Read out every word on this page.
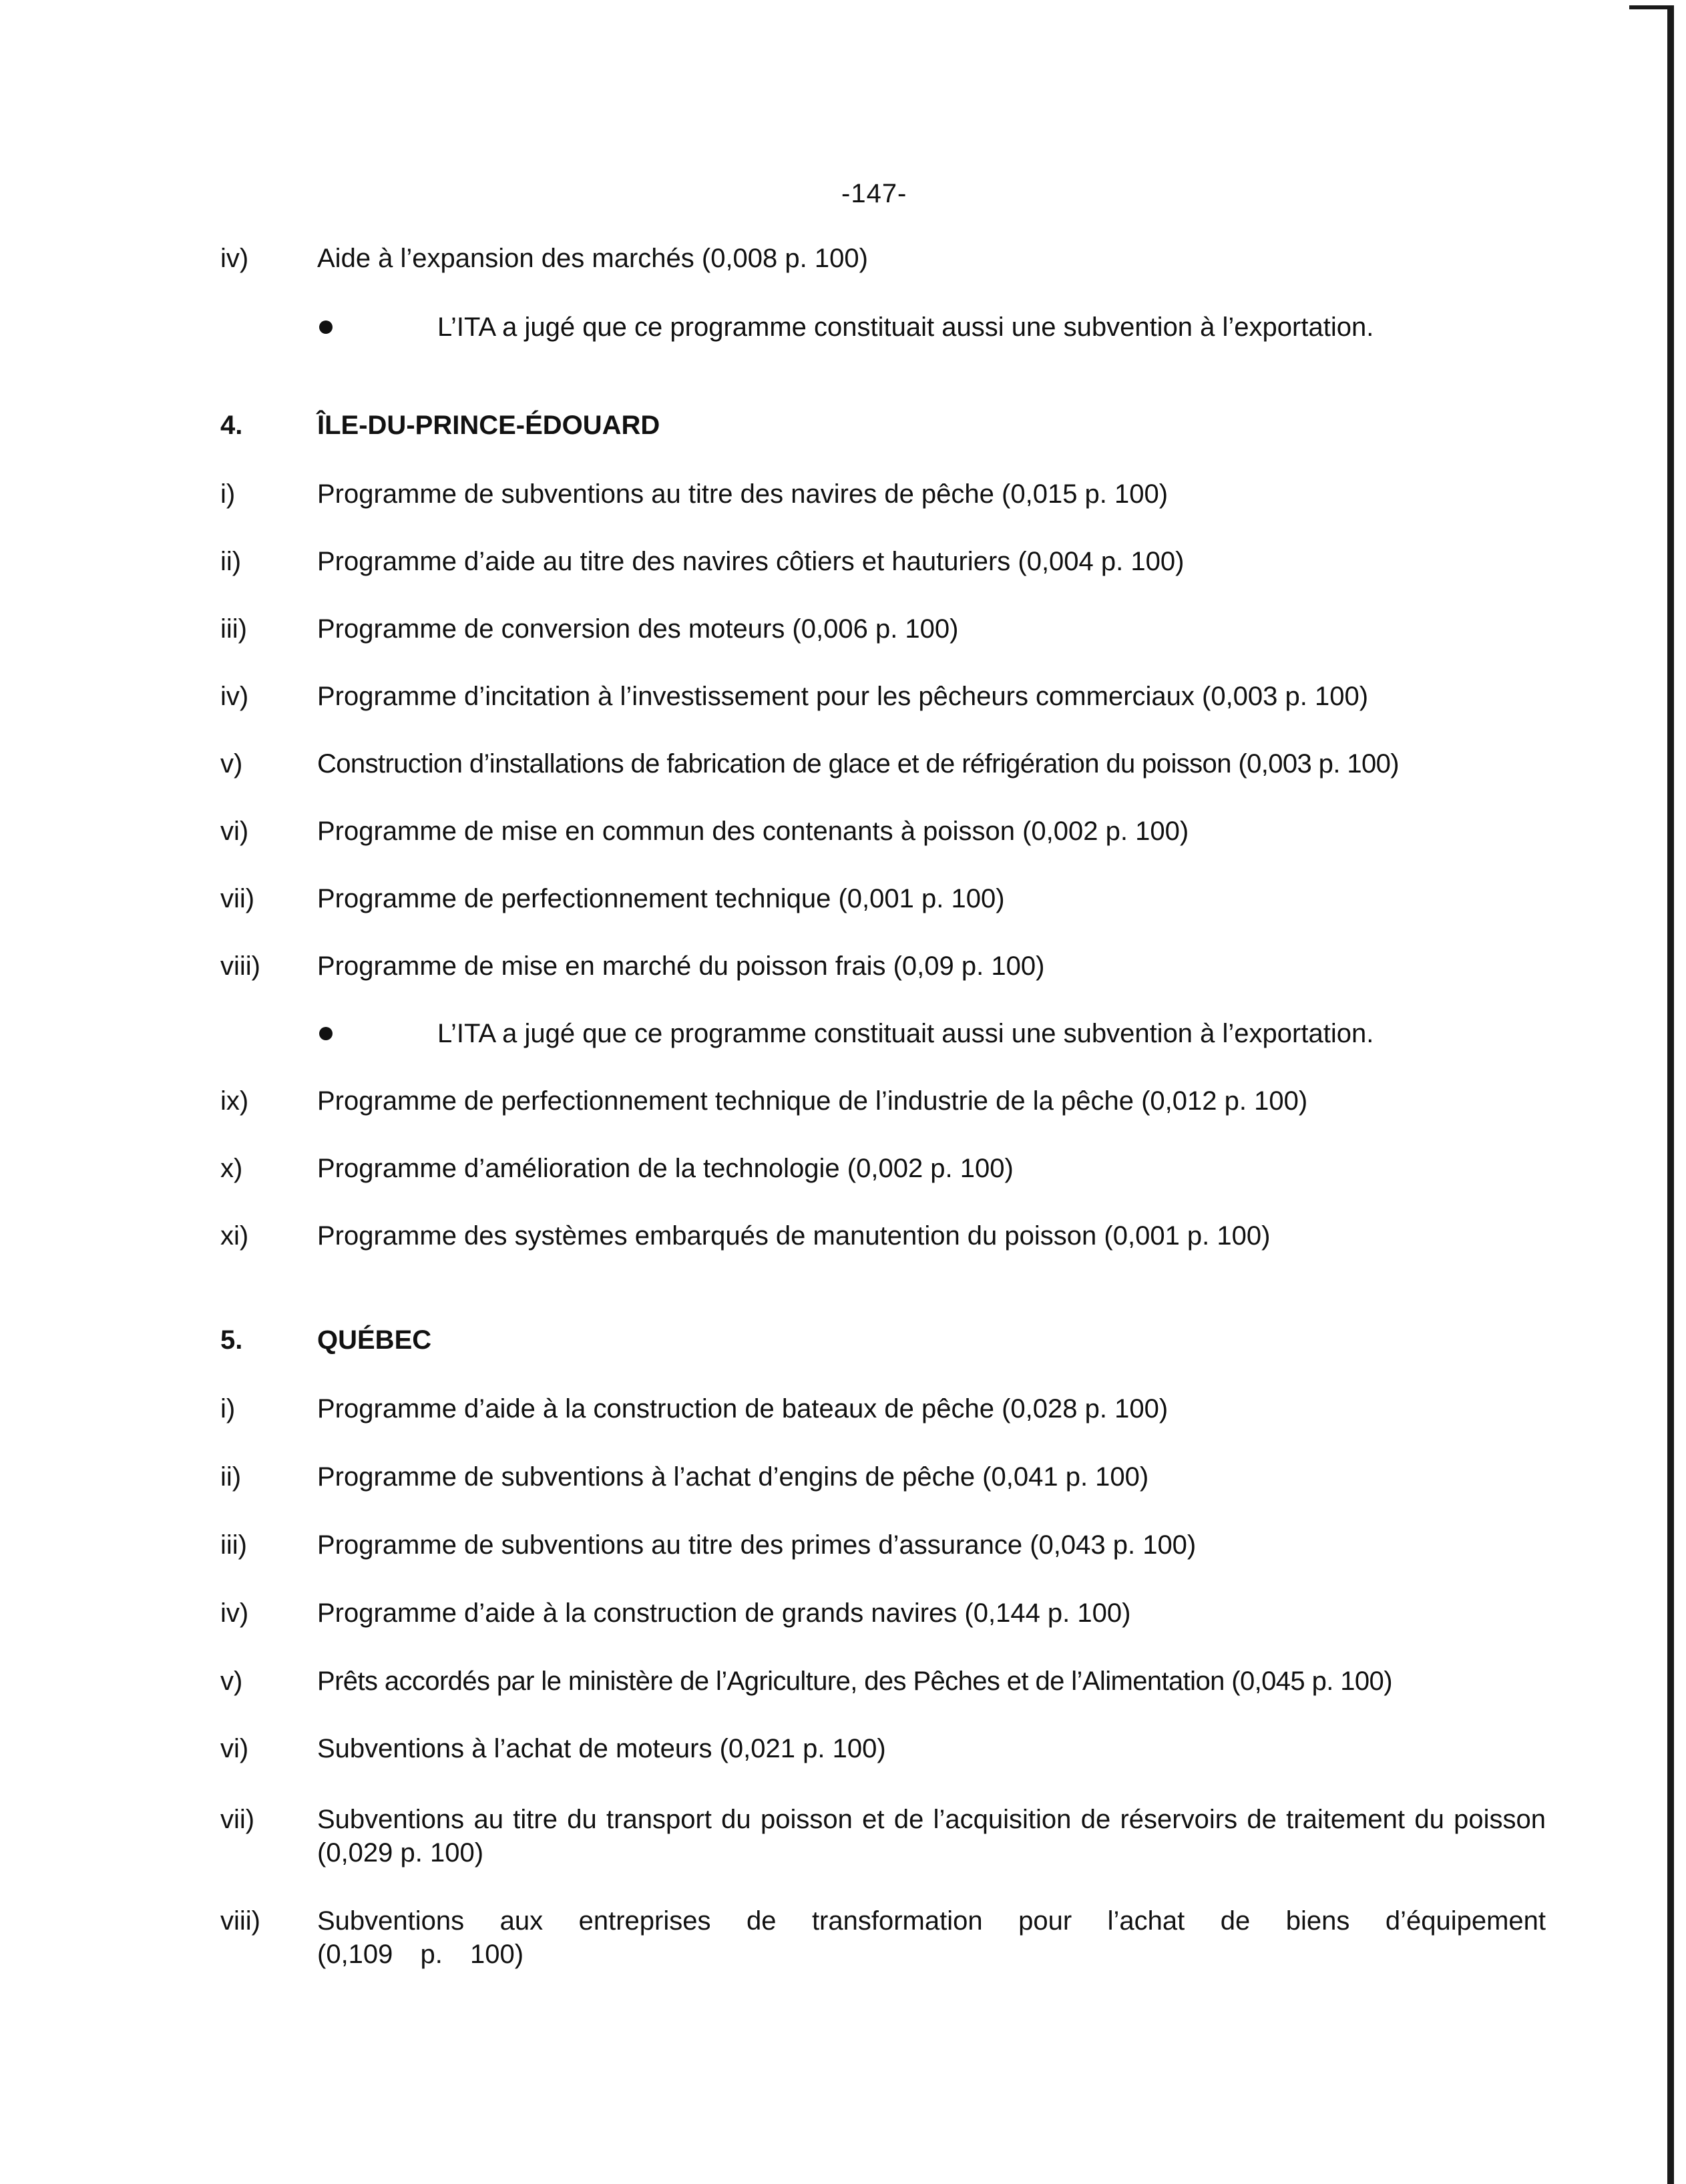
-147-
iv)	Aide à l’expansion des marchés (0,008 p. 100)
L’ITA a jugé que ce programme constituait aussi une subvention à l’exportation.
4.	ÎLE-DU-PRINCE-ÉDOUARD
i)	Programme de subventions au titre des navires de pêche (0,015 p. 100)
ii)	Programme d’aide au titre des navires côtiers et hauturiers (0,004 p. 100)
iii)	Programme de conversion des moteurs (0,006 p. 100)
iv)	Programme d’incitation à l’investissement pour les pêcheurs commerciaux (0,003 p. 100)
v)	Construction d’installations de fabrication de glace et de réfrigération du poisson (0,003 p. 100)
vi)	Programme de mise en commun des contenants à poisson (0,002 p. 100)
vii) Programme de perfectionnement technique (0,001 p. 100)
viii) Programme de mise en marché du poisson frais (0,09 p. 100)
L’ITA a jugé que ce programme constituait aussi une subvention à l’exportation.
ix)	Programme de perfectionnement technique de l’industrie de la pêche (0,012 p. 100)
x)	Programme d’amélioration de la technologie (0,002 p. 100)
xi)	Programme des systèmes embarqués de manutention du poisson (0,001 p. 100)
5.	QUÉBEC
i)	Programme d’aide à la construction de bateaux de pêche (0,028 p. 100)
ii)	Programme de subventions à l’achat d’engins de pêche (0,041 p. 100)
iii)	Programme de subventions au titre des primes d’assurance (0,043 p. 100)
iv)	Programme d’aide à la construction de grands navires (0,144 p. 100)
v)	Prêts accordés par le ministère de l’Agriculture, des Pêches et de l’Alimentation (0,045 p. 100)
vi)	Subventions à l’achat de moteurs (0,021 p. 100)
vii) Subventions au titre du transport du poisson et de l’acquisition de réservoirs de traitement du poisson (0,029 p. 100)
viii) Subventions aux entreprises de transformation pour l’achat de biens d’équipement (0,109 p. 100)
